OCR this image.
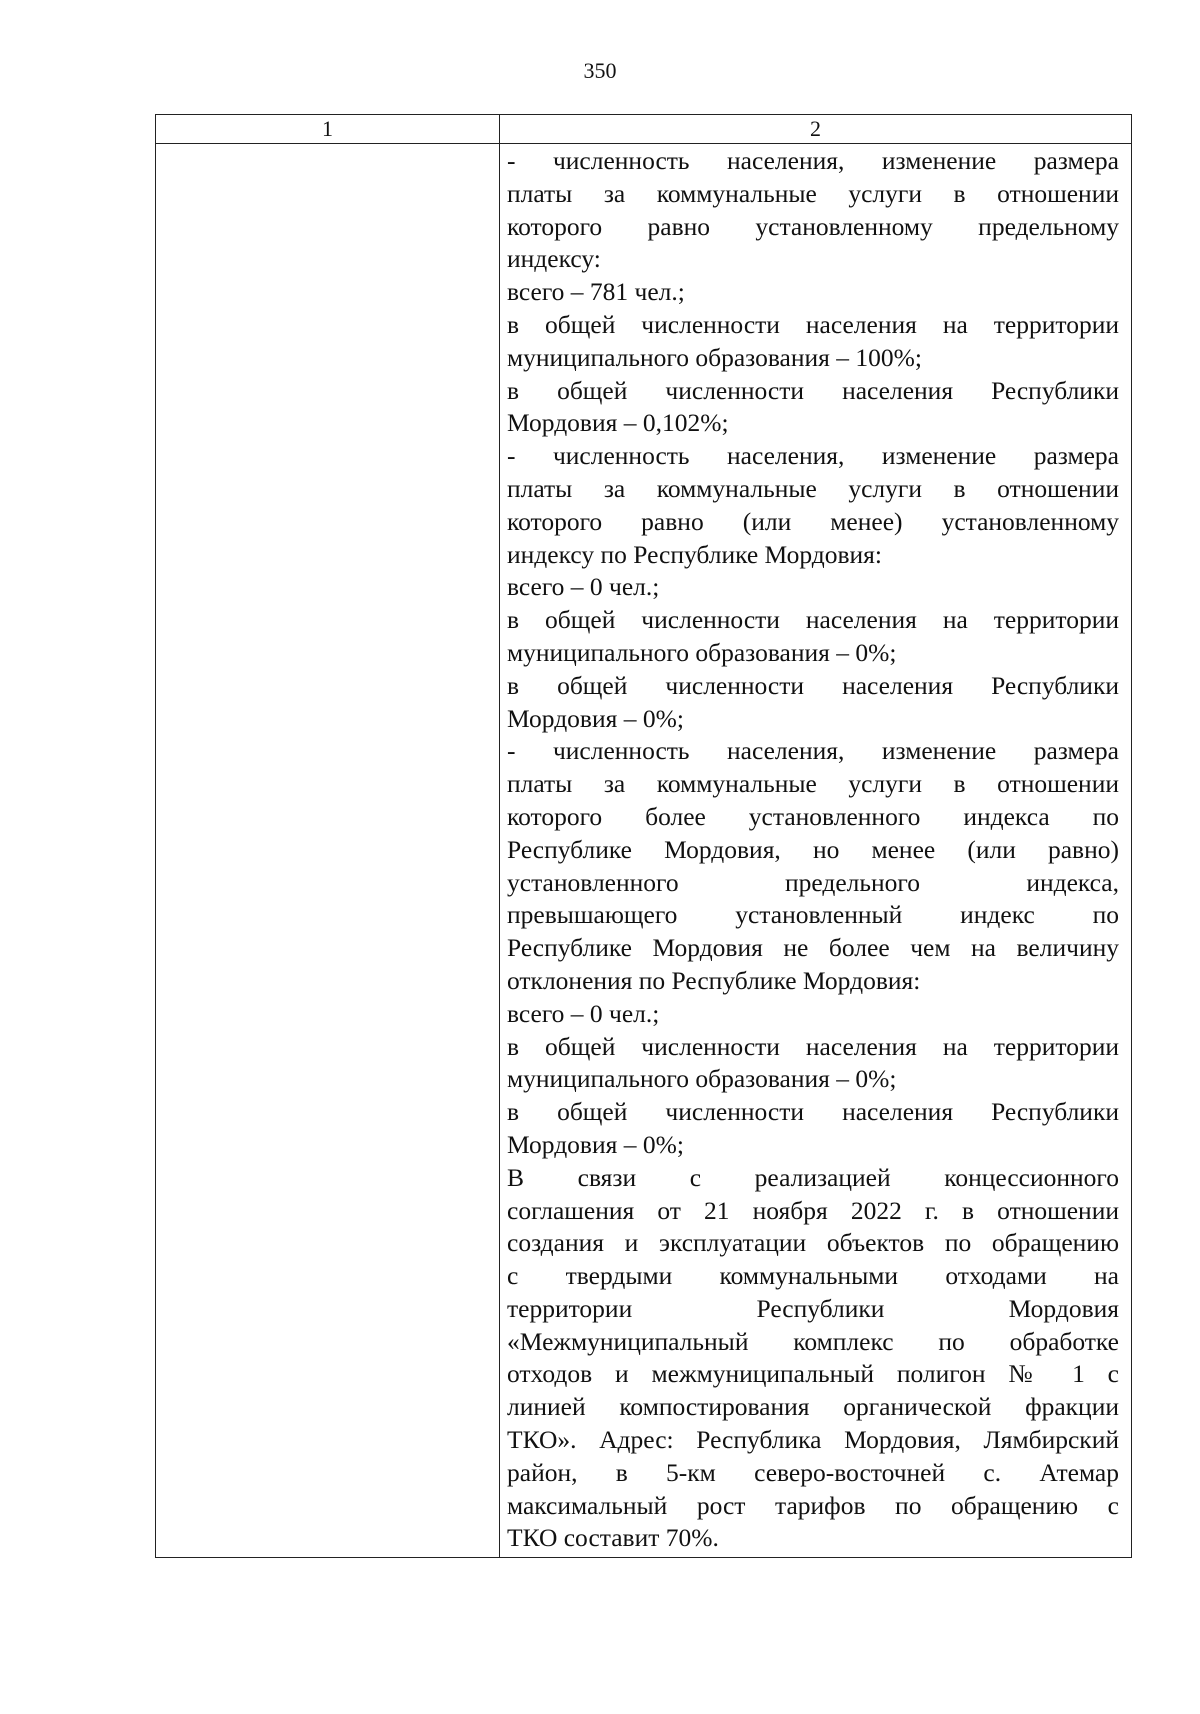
350
1	2
- численность населения, изменение размера
платы за коммунальные услуги в отношении
которого равно установленному предельному
индексу:
всего – 781 чел.;
в общей численности населения на территории
муниципального образования – 100%;
в общей численности населения Республики
Мордовия – 0,102%;
- численность населения, изменение размера
платы за коммунальные услуги в отношении
которого равно (или менее) установленному
индексу по Республике Мордовия:
всего – 0 чел.;
в общей численности населения на территории
муниципального образования – 0%;
в общей численности населения Республики
Мордовия – 0%;
- численность населения, изменение размера
платы за коммунальные услуги в отношении
которого более установленного индекса по
Республике Мордовия, но менее (или равно)
установленного предельного индекса,
превышающего установленный индекс по
Республике Мордовия не более чем на величину
отклонения по Республике Мордовия:
всего – 0 чел.;
в общей численности населения на территории
муниципального образования – 0%;
в общей численности населения Республики
Мордовия – 0%;
В связи с реализацией концессионного
соглашения от 21 ноября 2022 г. в отношении
создания и эксплуатации объектов по обращению
с твердыми коммунальными отходами на
территории Республики Мордовия
«Межмуниципальный комплекс по обработке
отходов и межмуниципальный полигон № 1 с
линией компостирования органической фракции
ТКО». Адрес: Республика Мордовия, Лямбирский
район, в 5-км северо-восточней с. Атемар
максимальный рост тарифов по обращению с
ТКО составит 70%.
